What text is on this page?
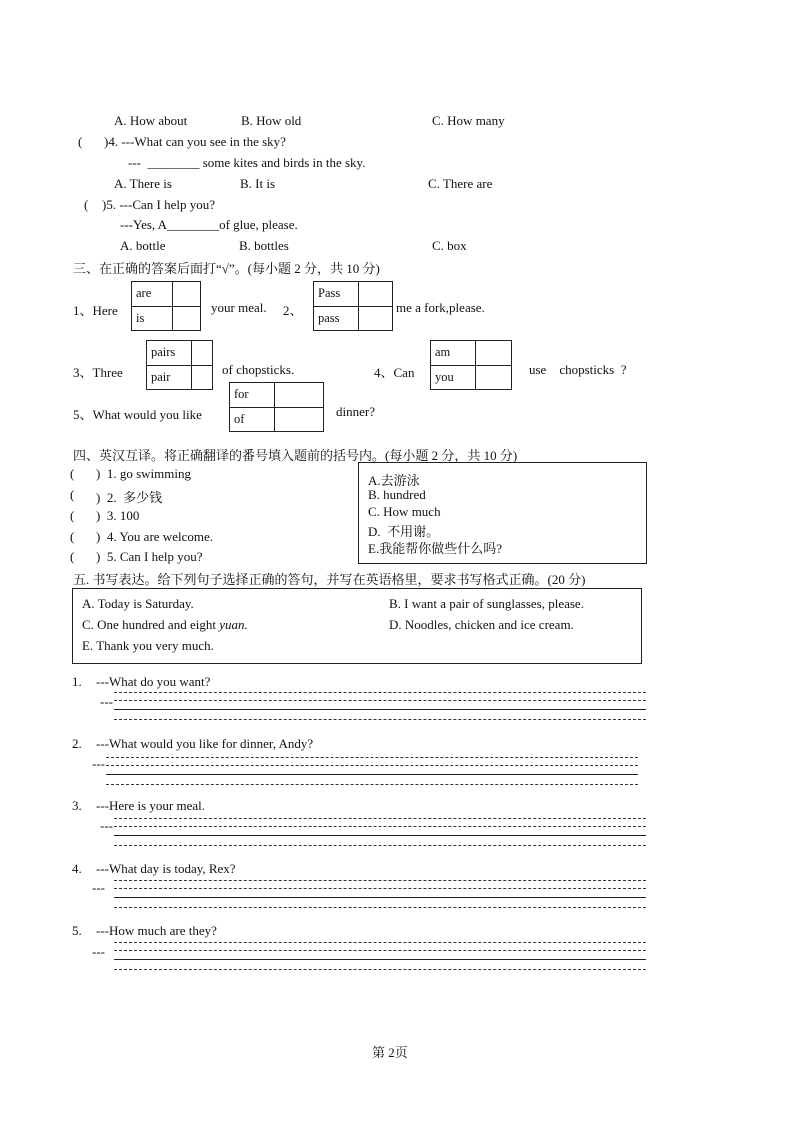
A. How about	B. How old	C. How many
( )4. ---What can you see in the sky?
---  ________ some kites and birds in the sky.
A. There is	B. It is	C. There are
( )5. ---Can I help you?
---Yes, A________of glue, please.
A. bottle	B. bottles	C. box
三、在正确的答案后面打“√”。(每小题 2 分，共 10 分)
1、Here
are	
is	
your meal. 2、
Pass	
pass	
me a fork,please.
3、Three
pairs	
pair		of chopsticks.	4、Can
am	
you		use    chopsticks  ?
5、What would you like
for	
of		dinner?
四、英汉互译。将正确翻译的番号填入题前的括号内。(每小题 2 分，共 10 分)
( )  1. go swimming
( )  2.  多少钱
( )  3. 100
( )  4. You are welcome.
( )  5. Can I help you?
A.去游泳
B. hundred
C. How much
D.  不用谢。
E.我能帮你做些什么吗?
五. 书写表达。给下列句子选择正确的答句，并写在英语格里，要求书写格式正确。(20 分)
A. Today is Saturday.	B. I want a pair of sunglasses, please.
C. One hundred and eight yuan.	D. Noodles, chicken and ice cream.
E. Thank you very much.
1. ---What do you want?
---
2. ---What would you like for dinner, Andy?
---
3. ---Here is your meal.
---
4. ---What day is today, Rex?
---
5. ---How much are they?
---
第 2页
